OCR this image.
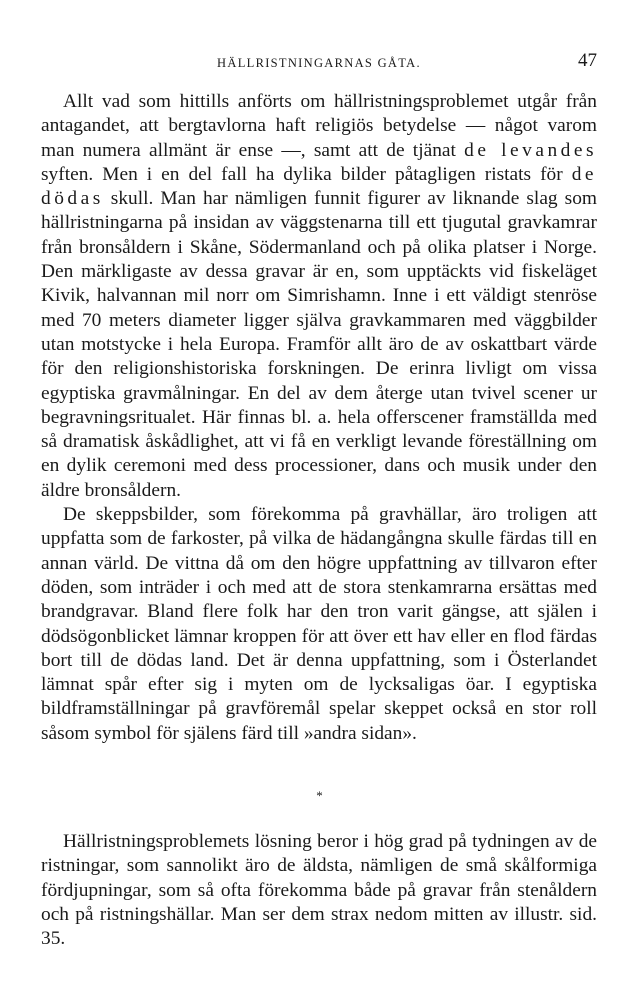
HÄLLRISTNINGARNAS GÅTA.	47

Allt vad som hittills anförts om hällristningsproblemet utgår från antagandet, att bergtavlorna haft religiös betydelse — något varom man numera allmänt är ense —, samt att de tjänat de levandes syften. Men i en del fall ha dylika bilder påtagligen ristats för de dödas skull. Man har nämligen funnit figurer av liknande slag som hällristningarna på insidan av väggstenarna till ett tjugutal gravkamrar från bronsåldern i Skåne, Södermanland och på olika platser i Norge. Den märkligaste av dessa gravar är en, som upptäckts vid fiskeläget Kivik, halvannan mil norr om Simrishamn. Inne i ett väldigt stenröse med 70 meters diameter ligger själva gravkammaren med väggbilder utan motstycke i hela Europa. Framför allt äro de av oskattbart värde för den religionshistoriska forskningen. De erinra livligt om vissa egyptiska gravmålningar. En del av dem återge utan tvivel scener ur begravningsritualet. Här finnas bl. a. hela offerscener framställda med så dramatisk åskådlighet, att vi få en verkligt levande föreställning om en dylik ceremoni med dess processioner, dans och musik under den äldre bronsåldern.

De skeppsbilder, som förekomma på gravhällar, äro troligen att uppfatta som de farkoster, på vilka de hädangångna skulle färdas till en annan värld. De vittna då om den högre uppfattning av tillvaron efter döden, som inträder i och med att de stora stenkamrarna ersättas med brandgravar. Bland flere folk har den tron varit gängse, att själen i dödsögonblicket lämnar kroppen för att över ett hav eller en flod färdas bort till de dödas land. Det är denna uppfattning, som i Österlandet lämnat spår efter sig i myten om de lycksaligas öar. I egyptiska bildframställningar på gravföremål spelar skeppet också en stor roll såsom symbol för själens färd till »andra sidan».

*

Hällristningsproblemets lösning beror i hög grad på tydningen av de ristningar, som sannolikt äro de äldsta, nämligen de små skålformiga fördjupningar, som så ofta förekomma både på gravar från stenåldern och på ristningshällar. Man ser dem strax nedom mitten av illustr. sid. 35.
